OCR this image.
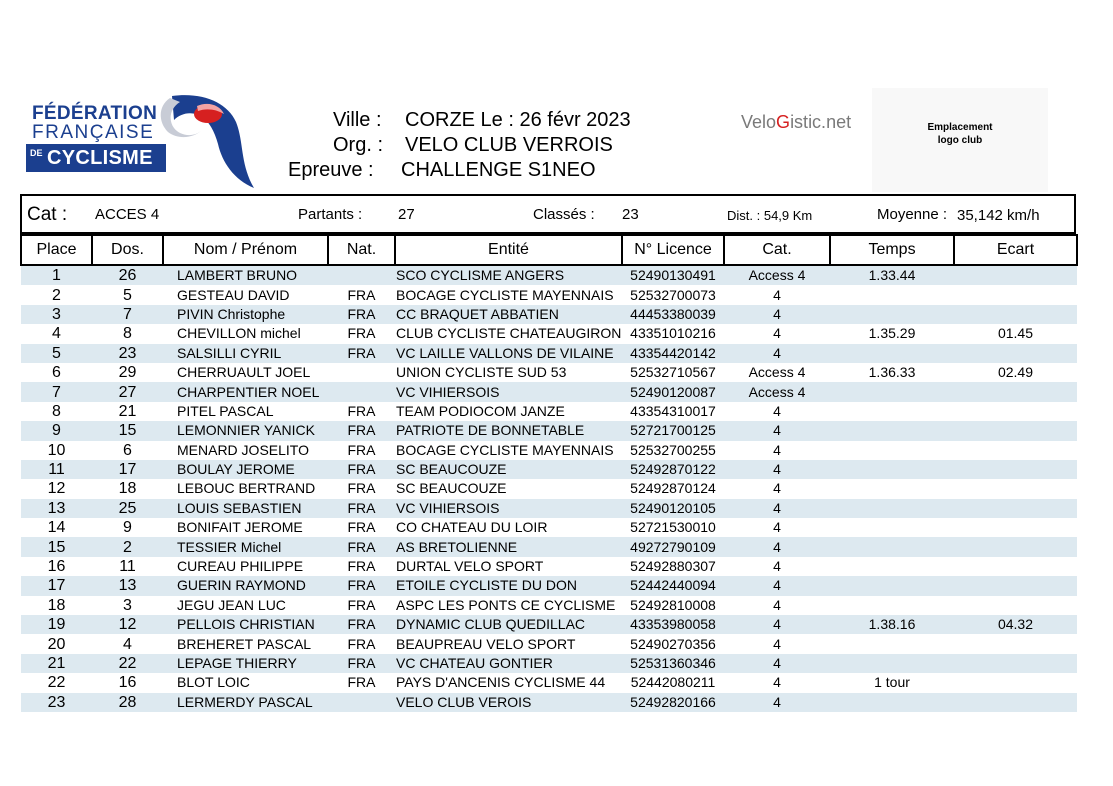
FÉDÉRATION
FRANÇAISE
DE CYCLISME
Ville : CORZE Le : 26 févr 2023
Org. : VELO CLUB VERROIS
Epreuve : CHALLENGE S1NEO
VeloGistic.net	Emplacement
logo club
Cat : ACCES 4	Partants : 27	Classés : 23	Dist. : 54,9 Km	Moyenne : 35,142 km/h
Place	Dos.	Nom / Prénom	Nat.	Entité	N° Licence	Cat.	Temps	Ecart
1	26	LAMBERT BRUNO		SCO CYCLISME ANGERS	52490130491	Access 4	1.33.44	
2	5	GESTEAU DAVID	FRA	BOCAGE CYCLISTE MAYENNAIS	52532700073	4		
3	7	PIVIN Christophe	FRA	CC BRAQUET ABBATIEN	44453380039	4		
4	8	CHEVILLON michel	FRA	CLUB CYCLISTE CHATEAUGIRON	43351010216	4	1.35.29	01.45
5	23	SALSILLI CYRIL	FRA	VC LAILLE VALLONS DE VILAINE	43354420142	4		
6	29	CHERRUAULT JOEL		UNION CYCLISTE SUD 53	52532710567	Access 4	1.36.33	02.49
7	27	CHARPENTIER NOEL		VC VIHIERSOIS	52490120087	Access 4		
8	21	PITEL PASCAL	FRA	TEAM PODIOCOM JANZE	43354310017	4		
9	15	LEMONNIER YANICK	FRA	PATRIOTE DE BONNETABLE	52721700125	4		
10	6	MENARD JOSELITO	FRA	BOCAGE CYCLISTE MAYENNAIS	52532700255	4		
11	17	BOULAY JEROME	FRA	SC BEAUCOUZE	52492870122	4		
12	18	LEBOUC BERTRAND	FRA	SC BEAUCOUZE	52492870124	4		
13	25	LOUIS SEBASTIEN	FRA	VC VIHIERSOIS	52490120105	4		
14	9	BONIFAIT JEROME	FRA	CO CHATEAU DU LOIR	52721530010	4		
15	2	TESSIER Michel	FRA	AS BRETOLIENNE	49272790109	4		
16	11	CUREAU PHILIPPE	FRA	DURTAL VELO SPORT	52492880307	4		
17	13	GUERIN RAYMOND	FRA	ETOILE CYCLISTE DU DON	52442440094	4		
18	3	JEGU JEAN LUC	FRA	ASPC LES PONTS CE CYCLISME	52492810008	4		
19	12	PELLOIS CHRISTIAN	FRA	DYNAMIC CLUB QUEDILLAC	43353980058	4	1.38.16	04.32
20	4	BREHERET PASCAL	FRA	BEAUPREAU VELO SPORT	52490270356	4		
21	22	LEPAGE THIERRY	FRA	VC CHATEAU GONTIER	52531360346	4		
22	16	BLOT LOIC	FRA	PAYS D'ANCENIS CYCLISME 44	52442080211	4	1 tour	
23	28	LERMERDY PASCAL		VELO CLUB VEROIS	52492820166	4		
